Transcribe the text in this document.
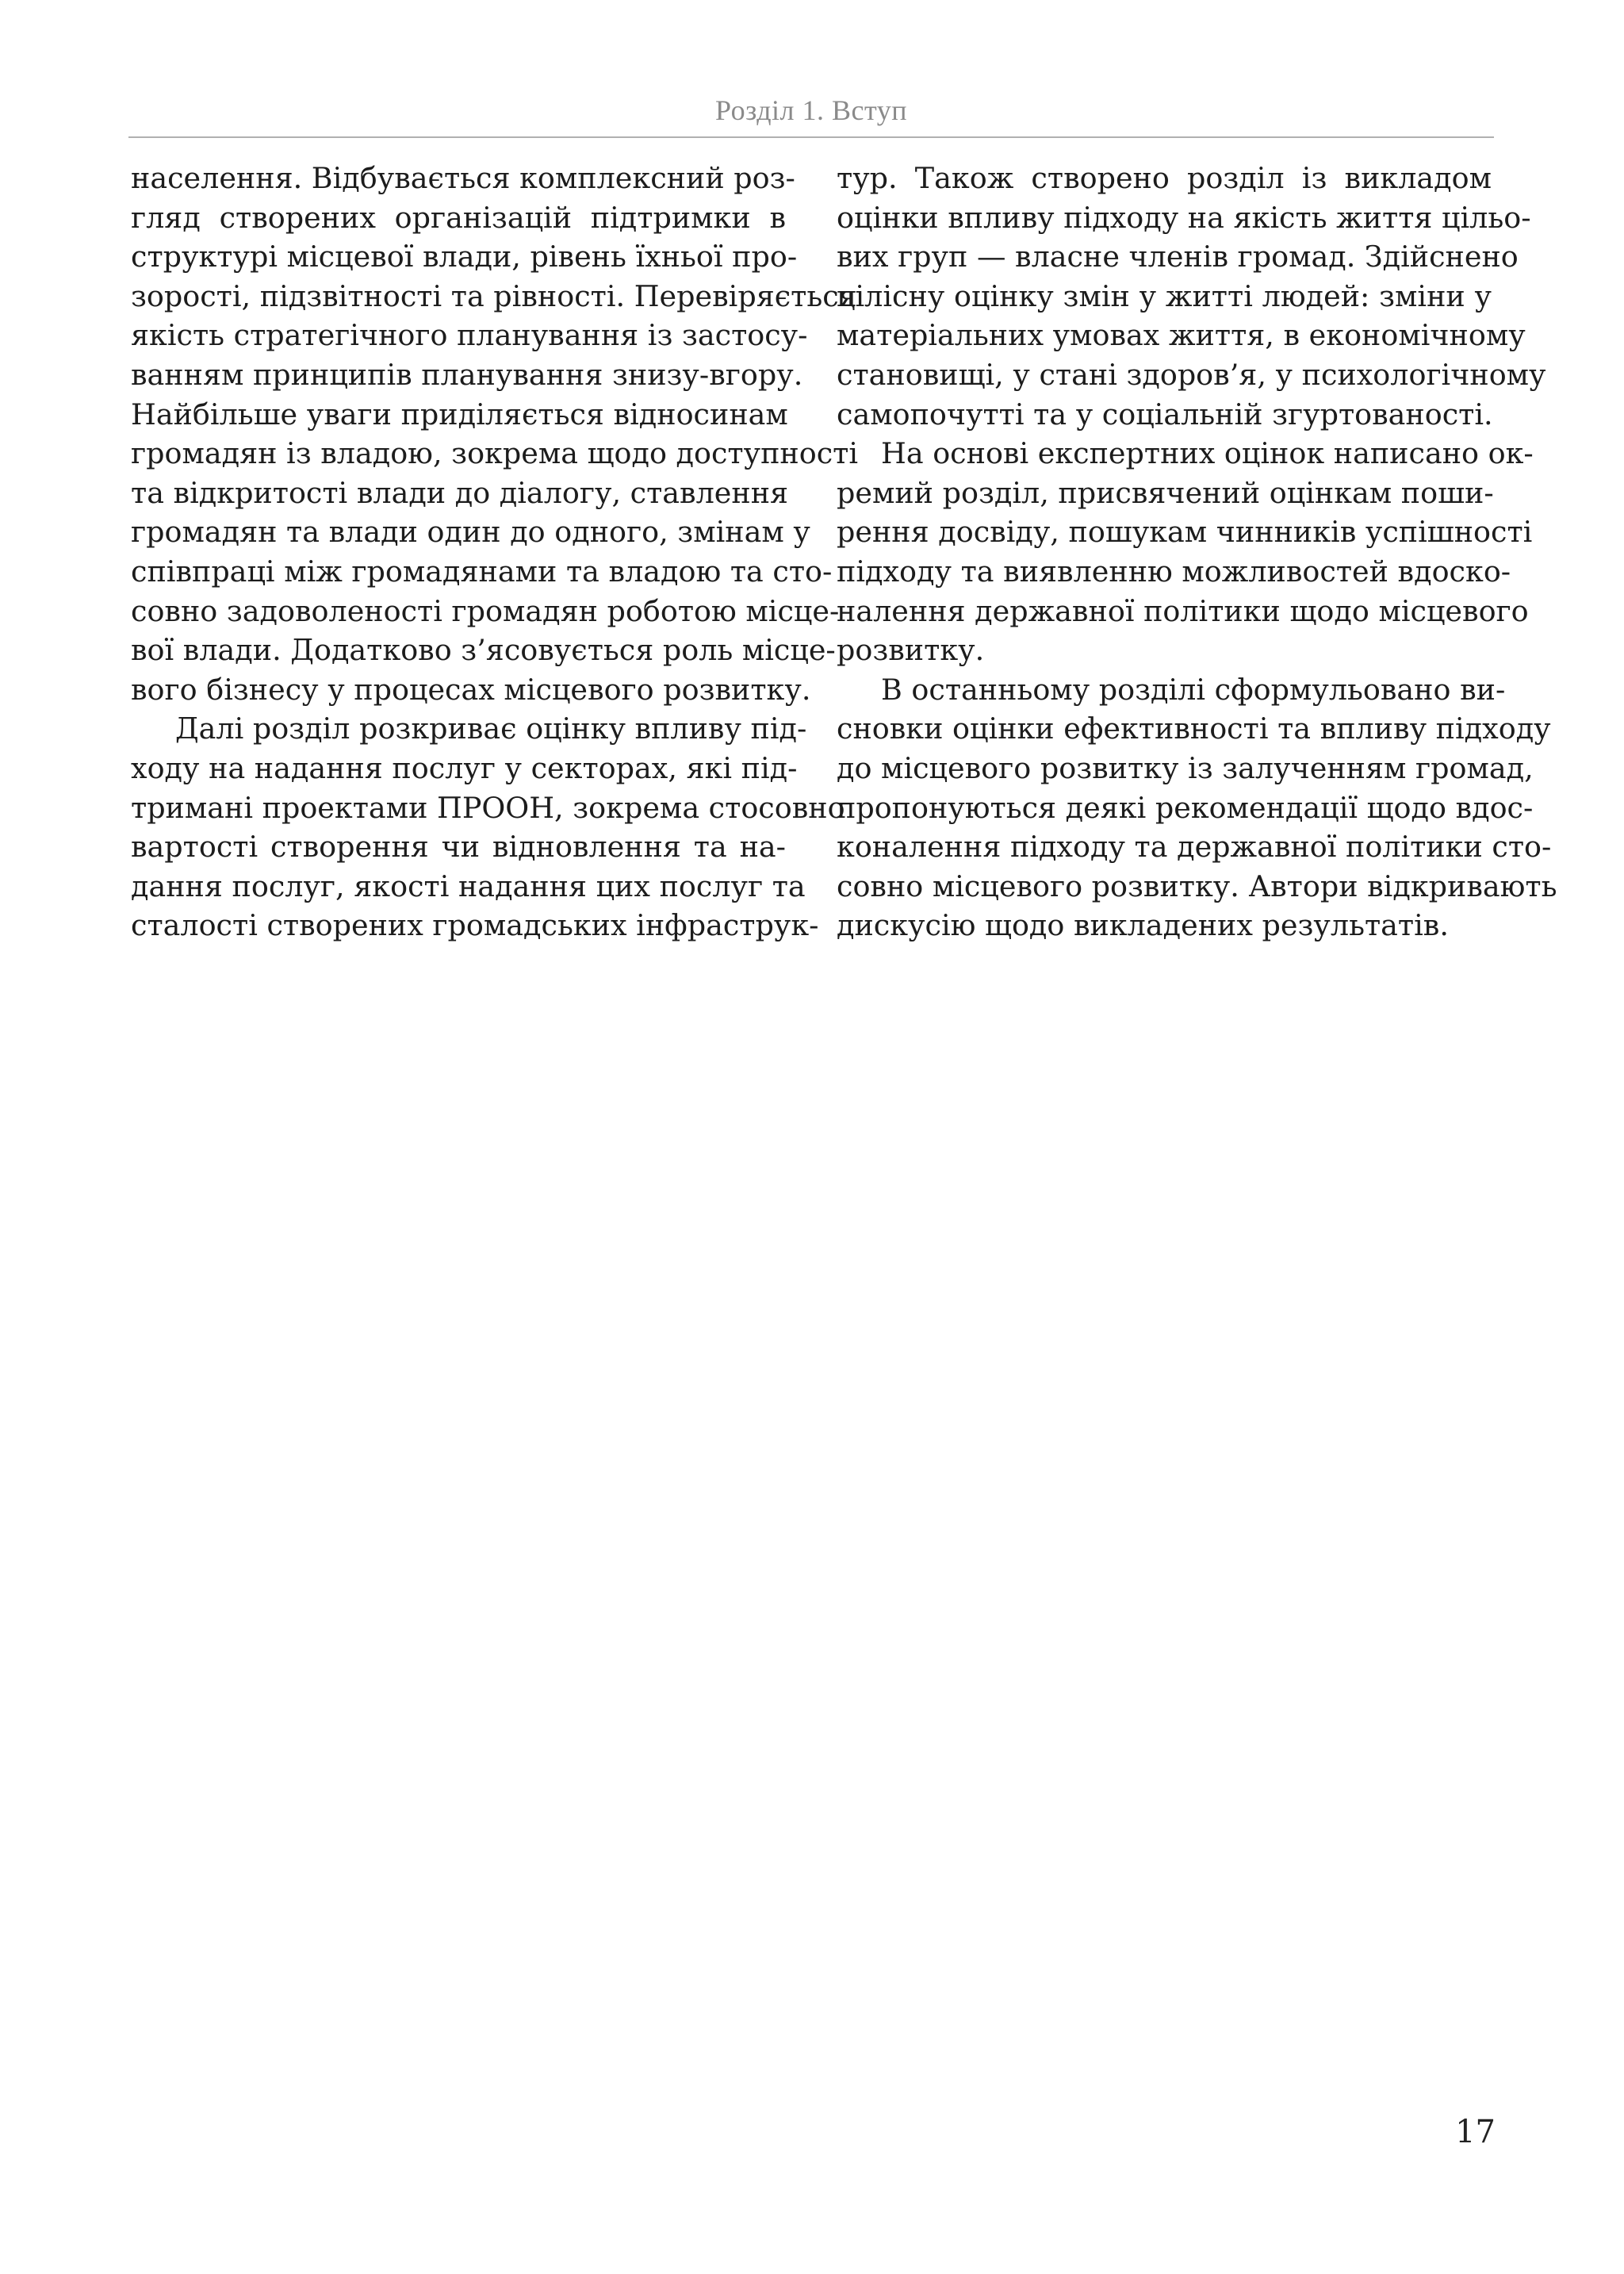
Розділ 1. Вступ
населення. Відбувається комплексний роз-
гляд створених організацій підтримки в
структурі місцевої влади, рівень їхньої про-
зорості, підзвітності та рівності. Перевіряється
якість стратегічного планування із застосу-
ванням принципів планування знизу-вгору.
Найбільше уваги приділяється відносинам
громадян із владою, зокрема щодо доступності
та відкритості влади до діалогу, ставлення
громадян та влади один до одного, змінам у
співпраці між громадянами та владою та сто-
совно задоволеності громадян роботою місце-
вої влади. Додатково з’ясовується роль місце-
вого бізнесу у процесах місцевого розвитку.
Далі розділ розкриває оцінку впливу під-
ходу на надання послуг у секторах, які під-
тримані проектами ПРООН, зокрема стосовно
вартості створення чи відновлення та на-
дання послуг, якості надання цих послуг та
сталості створених громадських інфраструк-
тур. Також створено розділ із викладом
оцінки впливу підходу на якість життя цільо-
вих груп — власне членів громад. Здійснено
цілісну оцінку змін у житті людей: зміни у
матеріальних умовах життя, в економічному
становищі, у стані здоров’я, у психологічному
самопочутті та у соціальній згуртованості.
На основі експертних оцінок написано ок-
ремий розділ, присвячений оцінкам поши-
рення досвіду, пошукам чинників успішності
підходу та виявленню можливостей вдоско-
налення державної політики щодо місцевого
розвитку.
В останньому розділі сформульовано ви-
сновки оцінки ефективності та впливу підходу
до місцевого розвитку із залученням громад,
пропонуються деякі рекомендації щодо вдос-
коналення підходу та державної політики сто-
совно місцевого розвитку. Автори відкривають
дискусію щодо викладених результатів.
17
